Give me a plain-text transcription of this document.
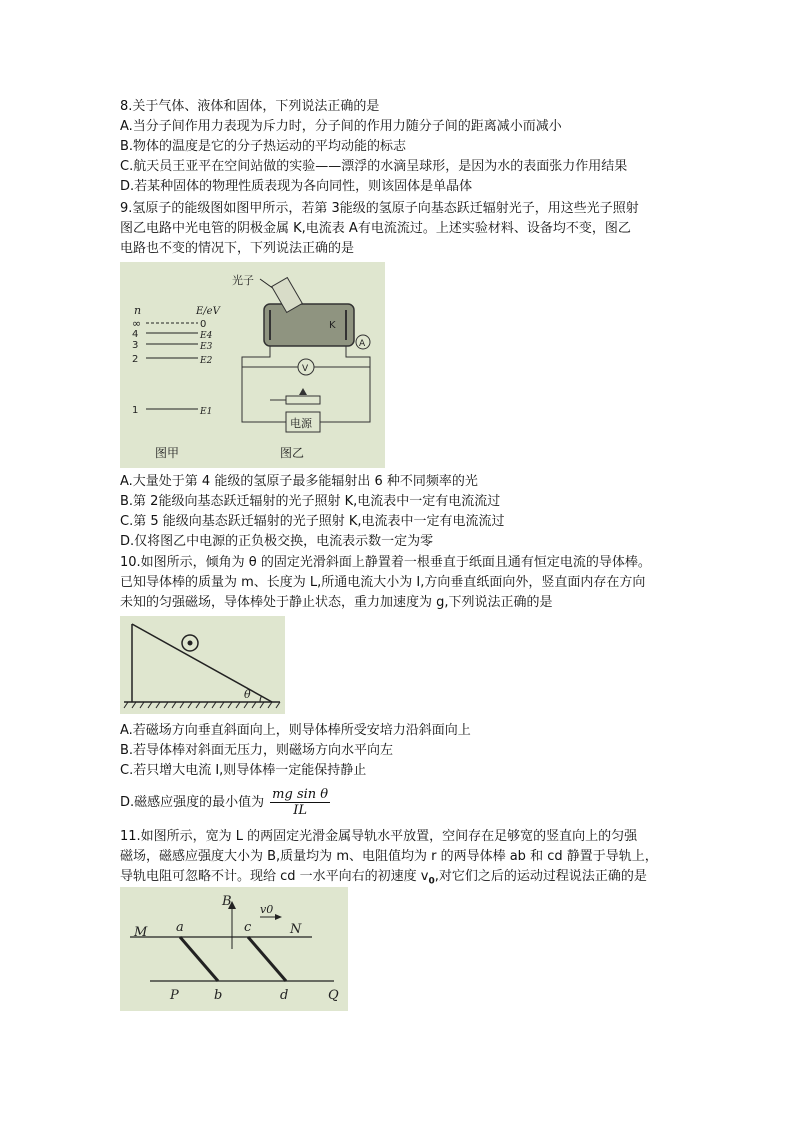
8.关于气体、液体和固体，下列说法正确的是
A.当分子间作用力表现为斥力时，分子间的作用力随分子间的距离减小而减小
B.物体的温度是它的分子热运动的平均动能的标志
C.航天员王亚平在空间站做的实验——漂浮的水滴呈球形，是因为水的表面张力作用结果
D.若某种固体的物理性质表现为各向同性，则该固体是单晶体
9.氢原子的能级图如图甲所示，若第 3能级的氢原子向基态跃迁辐射光子，用这些光子照射
图乙电路中光电管的阴极金属 K,电流表 A有电流流过。上述实验材料、设备均不变，图乙
电路也不变的情况下，下列说法正确的是
n	E/eV
∞	0
4	E4
3	E3
2	E2
1	E1
光子
K
A
V
电源
图甲	图乙
A.大量处于第 4 能级的氢原子最多能辐射出 6 种不同频率的光
B.第 2能级向基态跃迁辐射的光子照射 K,电流表中一定有电流流过
C.第 5 能级向基态跃迁辐射的光子照射 K,电流表中一定有电流流过
D.仅将图乙中电源的正负极交换，电流表示数一定为零
10.如图所示，倾角为 θ 的固定光滑斜面上静置着一根垂直于纸面且通有恒定电流的导体棒。
已知导体棒的质量为 m、长度为 L,所通电流大小为 I,方向垂直纸面向外，竖直面内存在方向
未知的匀强磁场，导体棒处于静止状态，重力加速度为 g,下列说法正确的是
θ
A.若磁场方向垂直斜面向上，则导体棒所受安培力沿斜面向上
B.若导体棒对斜面无压力，则磁场方向水平向左
C.若只增大电流 I,则导体棒一定能保持静止
D.磁感应强度的最小值为 $\frac{\text{mg sin θ}}{IL}$
11.如图所示，宽为 L 的两固定光滑金属导轨水平放置，空间存在足够宽的竖直向上的匀强
磁场，磁感应强度大小为 B,质量均为 m、电阻值均为 r 的两导体棒 ab 和 cd 静置于导轨上，
导轨电阻可忽略不计。现给 cd 一水平向右的初速度 $v_0$,对它们之后的运动过程说法正确的是
B
v0
M	N
P	Q
a
b
c
d
